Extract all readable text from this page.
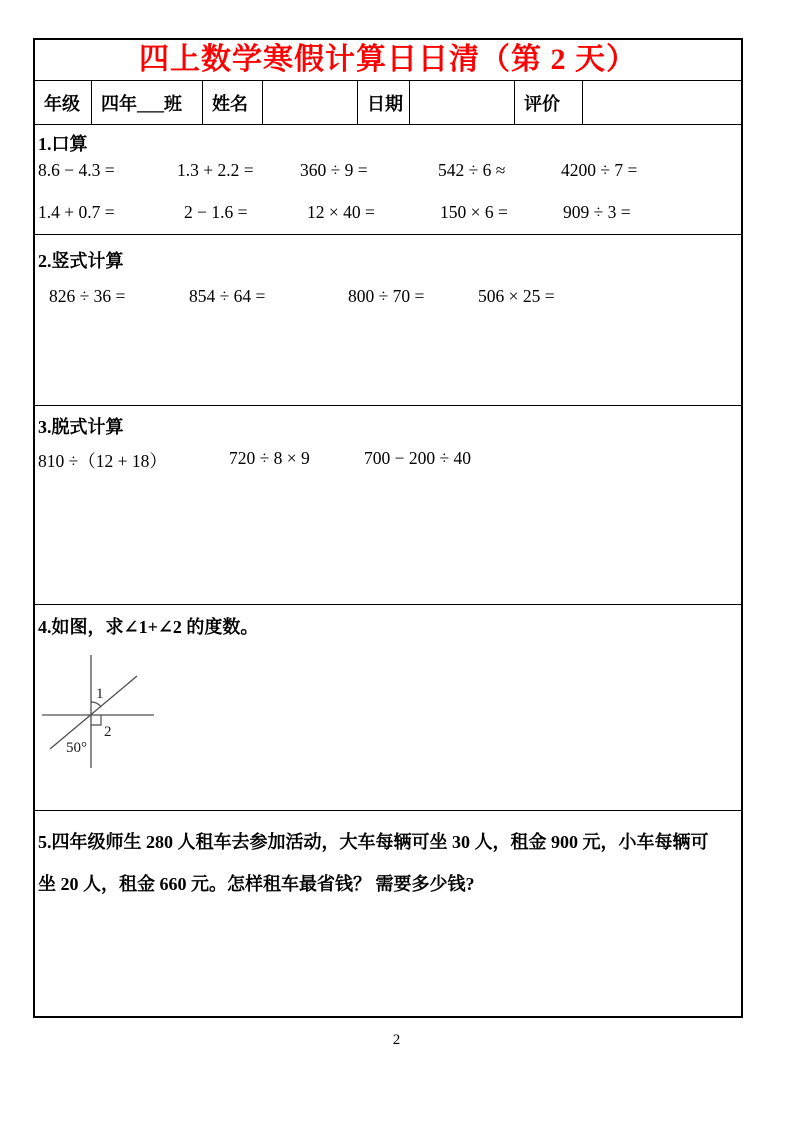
四上数学寒假计算日日清（第 2 天）
年级 四年___班 姓名	日期	评价
1.口算
8.6 − 4.3 =	1.3 + 2.2 =	360 ÷ 9 =	542 ÷ 6 ≈	4200 ÷ 7 =
1.4 + 0.7 =	2 − 1.6 =	12 × 40 =	150 × 6 =	909 ÷ 3 =
2.竖式计算
826 ÷ 36 =	854 ÷ 64 =	800 ÷ 70 =	506 × 25 =
3.脱式计算
810 ÷（12 + 18）	720 ÷ 8 × 9	700 − 200 ÷ 40
4.如图，求∠1+∠2 的度数。
1
2
50°
5.四年级师生 280 人租车去参加活动，大车每辆可坐 30 人，租金 900 元，小车每辆可
坐 20 人，租金 660 元。怎样租车最省钱？ 需要多少钱?
2
